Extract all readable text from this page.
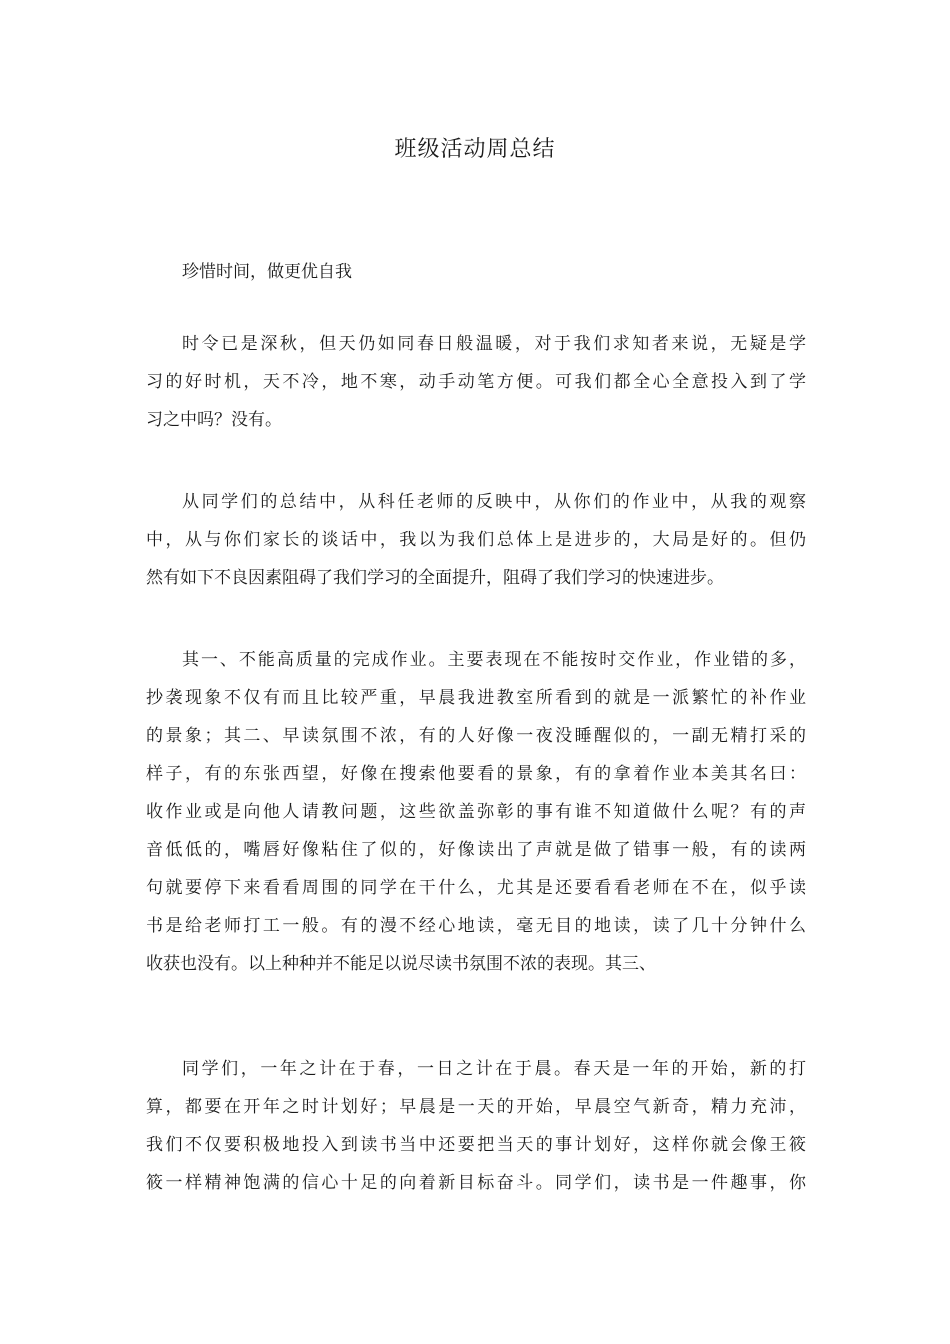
班级活动周总结
珍惜时间，做更优自我
时令已是深秋，但天仍如同春日般温暖，对于我们求知者来说，无疑是学
习的好时机，天不冷，地不寒，动手动笔方便。可我们都全心全意投入到了学
习之中吗？没有。
从同学们的总结中，从科任老师的反映中，从你们的作业中，从我的观察
中，从与你们家长的谈话中，我以为我们总体上是进步的，大局是好的。但仍
然有如下不良因素阻碍了我们学习的全面提升，阻碍了我们学习的快速进步。
其一、不能高质量的完成作业。主要表现在不能按时交作业，作业错的多，
抄袭现象不仅有而且比较严重，早晨我进教室所看到的就是一派繁忙的补作业
的景象；其二、早读氛围不浓，有的人好像一夜没睡醒似的，一副无精打采的
样子，有的东张西望，好像在搜索他要看的景象，有的拿着作业本美其名曰：
收作业或是向他人请教问题，这些欲盖弥彰的事有谁不知道做什么呢？有的声
音低低的，嘴唇好像粘住了似的，好像读出了声就是做了错事一般，有的读两
句就要停下来看看周围的同学在干什么，尤其是还要看看老师在不在，似乎读
书是给老师打工一般。有的漫不经心地读，毫无目的地读，读了几十分钟什么
收获也没有。以上种种并不能足以说尽读书氛围不浓的表现。其三、
同学们，一年之计在于春，一日之计在于晨。春天是一年的开始，新的打
算，都要在开年之时计划好；早晨是一天的开始，早晨空气新奇，精力充沛，
我们不仅要积极地投入到读书当中还要把当天的事计划好，这样你就会像王筱
筱一样精神饱满的信心十足的向着新目标奋斗。同学们，读书是一件趣事，你
